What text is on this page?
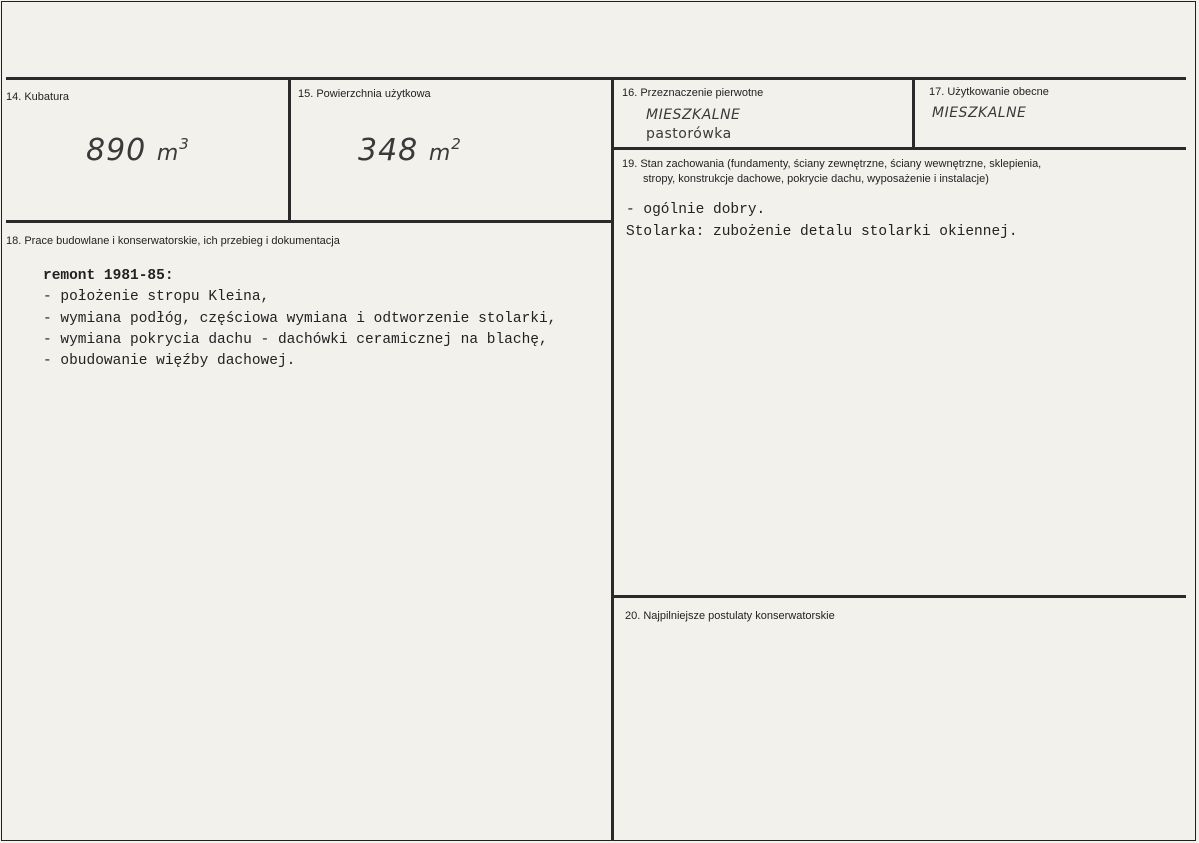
14. Kubatura
890 $m^3$
15. Powierzchnia użytkowa
348 $m^2$
16. Przeznaczenie pierwotne
MIESZKALNE
pastorówka
17. Użytkowanie obecne
MIESZKALNE
19. Stan zachowania (fundamenty, ściany zewnętrzne, ściany wewnętrzne, sklepienia,
stropy, konstrukcje dachowe, pokrycie dachu, wyposażenie i instalacje)
- ogólnie dobry.
Stolarka: zubożenie detalu stolarki okiennej.
18. Prace budowlane i konserwatorskie, ich przebieg i dokumentacja
remont 1981-85:
- położenie stropu Kleina,
- wymiana podłóg, częściowa wymiana i odtworzenie stolarki,
- wymiana pokrycia dachu - dachówki ceramicznej na blachę,
- obudowanie więźby dachowej.
20. Najpilniejsze postulaty konserwatorskie
